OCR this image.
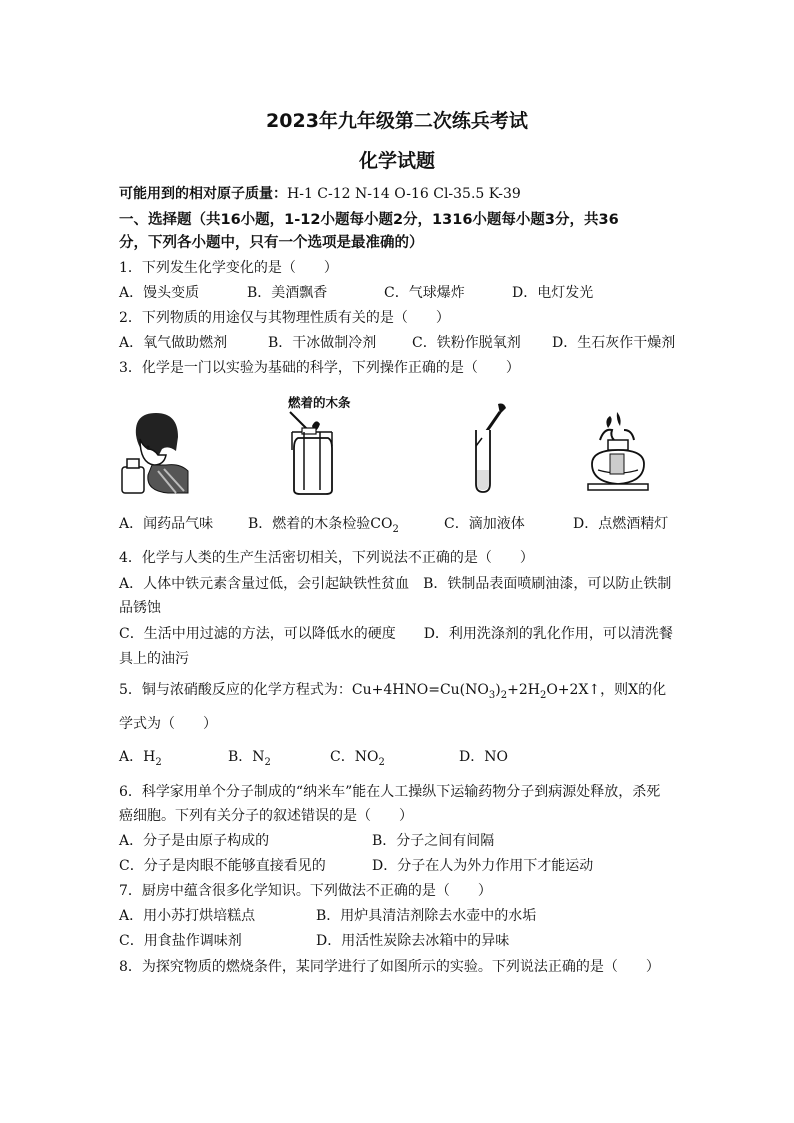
2023年九年级第二次练兵考试
化学试题
可能用到的相对原子质量：H-1 C-12 N-14 O-16 Cl-35.5 K-39
一、选择题（共16小题，1-12小题每小题2分，1316小题每小题3分，共36
分，下列各小题中，只有一个选项是最准确的）
1．下列发生化学变化的是（　　）
A．馒头变质	B．美酒飘香	C．气球爆炸	D．电灯发光
2．下列物质的用途仅与其物理性质有关的是（　　）
A．氧气做助燃剂	B．干冰做制冷剂	C．铁粉作脱氧剂 D．生石灰作干燥剂
3．化学是一门以实验为基础的科学，下列操作正确的是（　　）
燃着的木条
A．闻药品气味 B．燃着的木条检验$CO_2$	C．滴加液体	D．点燃酒精灯
4．化学与人类的生产生活密切相关，下列说法不正确的是（　　）
A．人体中铁元素含量过低，会引起缺铁性贫血　B．铁制品表面喷刷油漆，可以防止铁制
品锈蚀
C．生活中用过滤的方法，可以降低水的硬度　　D．利用洗涤剂的乳化作用，可以清洗餐
具上的油污
5．铜与浓硝酸反应的化学方程式为：$Cu+4HNO=Cu(NO_3)_2+2H_2O+2X↑$，则X的化
学式为（　　）
A．$H_2$	B．$N_2$	C．$NO_2$	D．NO
6．科学家用单个分子制成的“纳米车”能在人工操纵下运输药物分子到病源处释放，杀死
癌细胞。下列有关分子的叙述错误的是（　　）
A．分子是由原子构成的	B．分子之间有间隔
C．分子是肉眼不能够直接看见的	D．分子在人为外力作用下才能运动
7．厨房中蕴含很多化学知识。下列做法不正确的是（　　）
A．用小苏打烘培糕点	B．用炉具清洁剂除去水壶中的水垢
C．用食盐作调味剂	D．用活性炭除去冰箱中的异味
8．为探究物质的燃烧条件，某同学进行了如图所示的实验。下列说法正确的是（　　）
